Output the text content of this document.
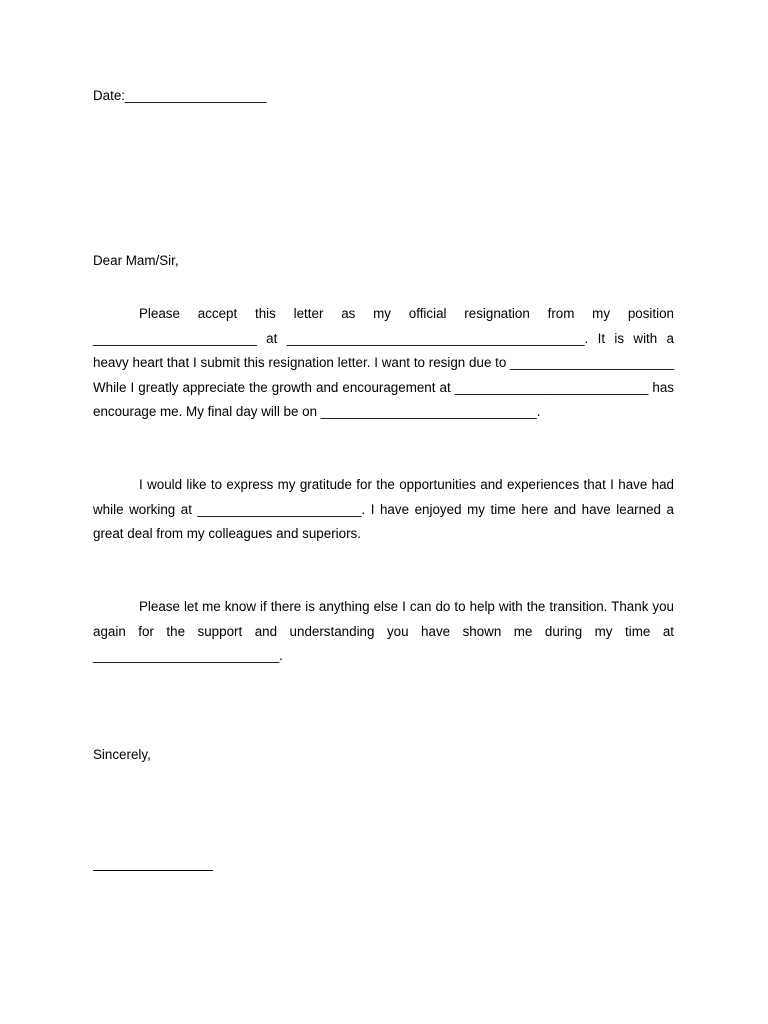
Date:___________________
Dear Mam/Sir,

Please accept this letter as my official resignation from my position ______________________ at ________________________________________. It is with a heavy heart that I submit this resignation letter. I want to resign due to ______________________ While I greatly appreciate the growth and encouragement at __________________________ has encourage me. My final day will be on _____________________________.

I would like to express my gratitude for the opportunities and experiences that I have had while working at ______________________. I have enjoyed my time here and have learned a great deal from my colleagues and superiors.

Please let me know if there is anything else I can do to help with the transition. Thank you again for the support and understanding you have shown me during my time at _________________________.

Sincerely,
